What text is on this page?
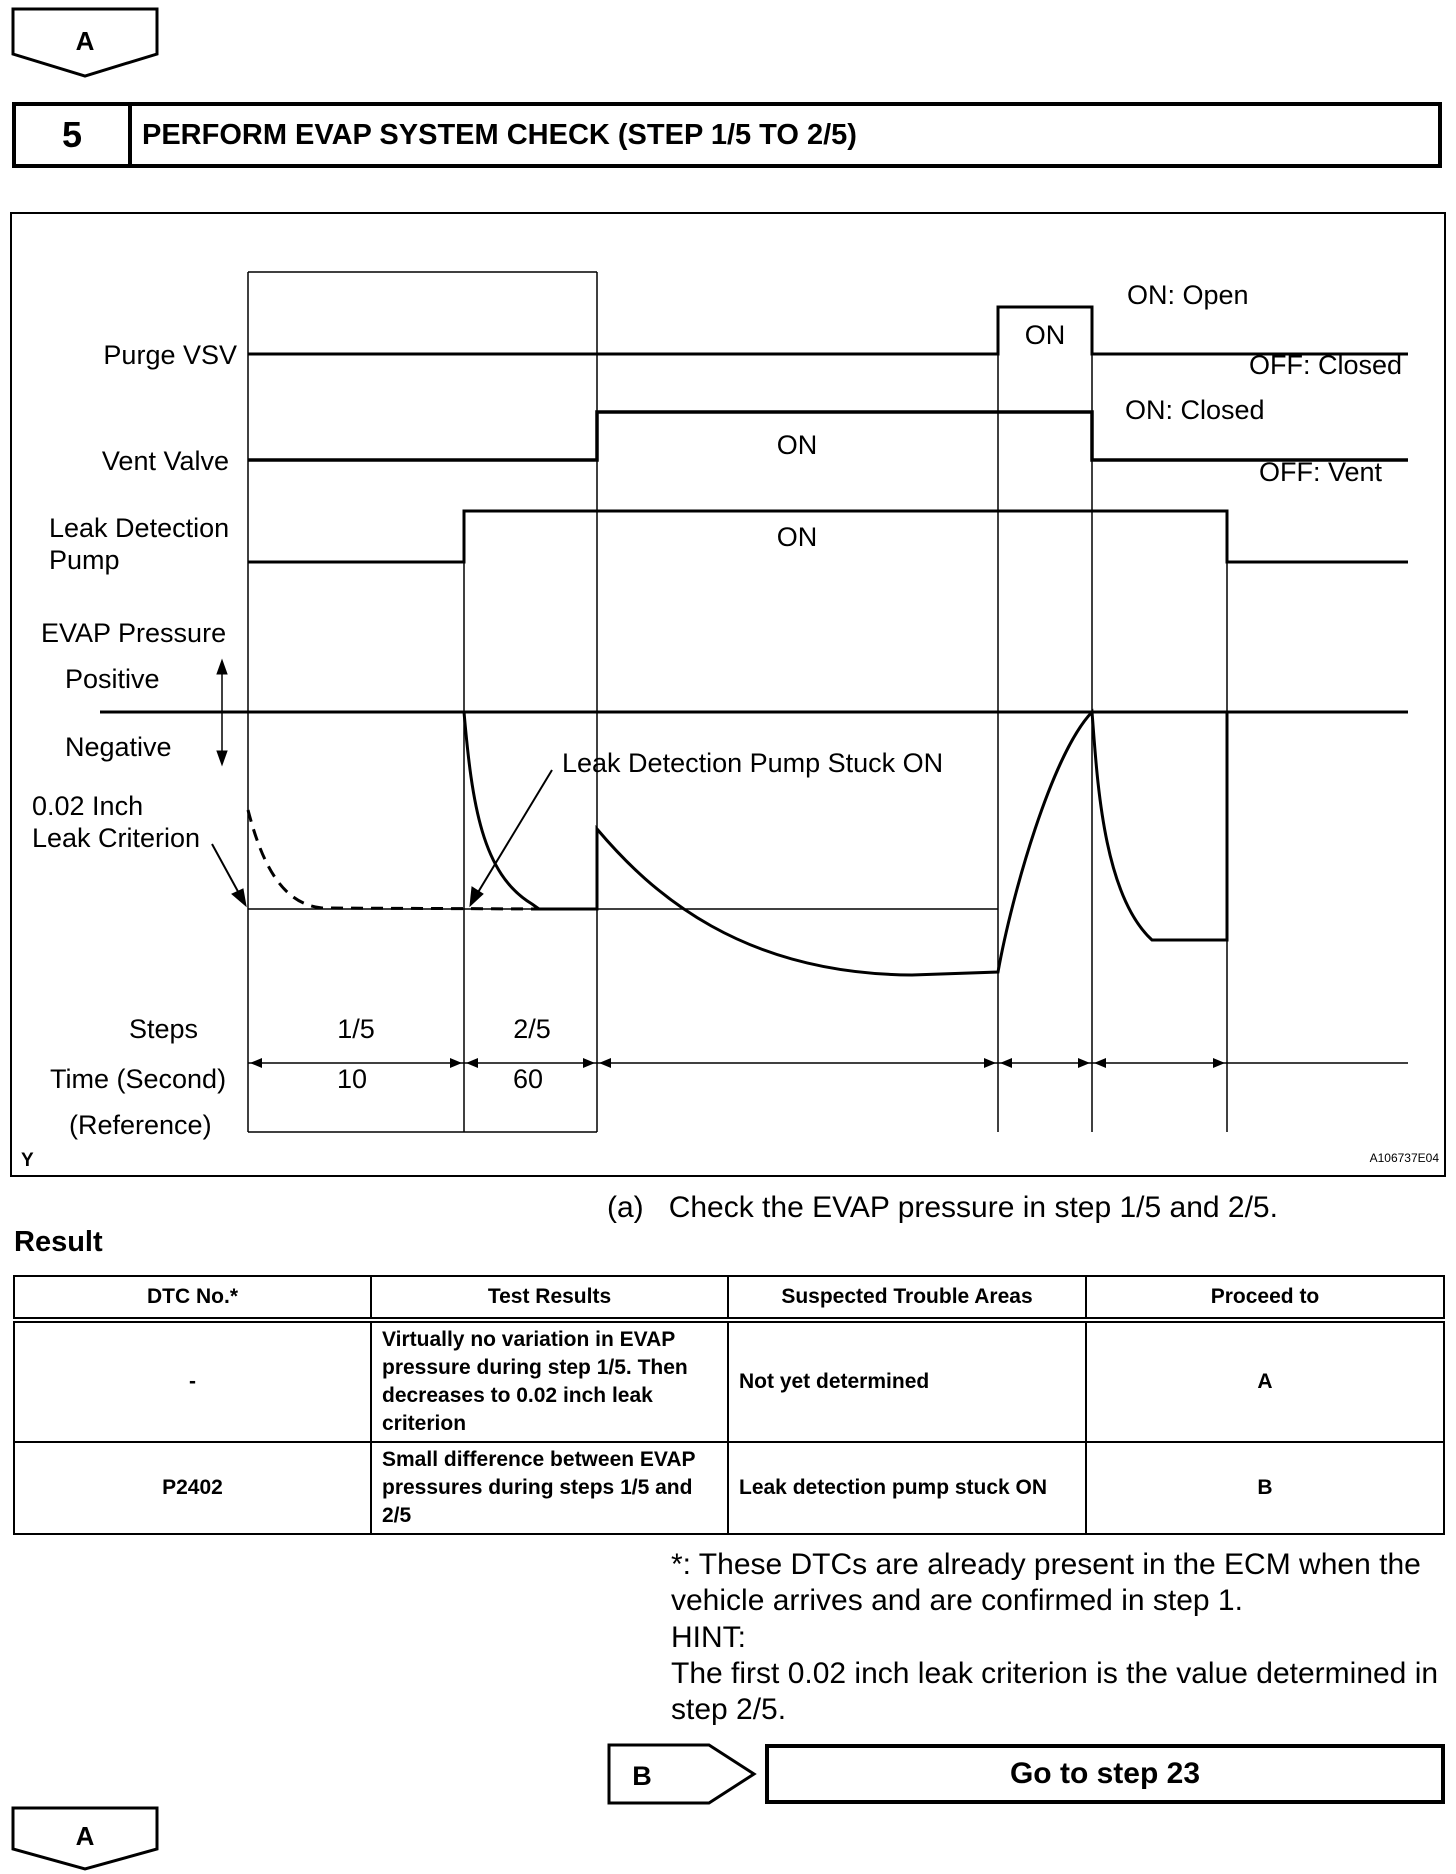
A
5	PERFORM EVAP SYSTEM CHECK (STEP 1/5 TO 2/5)
Purge VSV
Vent Valve
Leak Detection
Pump
EVAP Pressure
Positive
Negative
0.02 Inch
Leak Criterion
Steps
Time (Second)
(Reference)
Y	A106737E04
ON: Open
ON
OFF: Closed
ON: Closed
ON
OFF: Vent
ON
Leak Detection Pump Stuck ON
1/5	2/5
10	60
(a) Check the EVAP pressure in step 1/5 and 2/5.
Result
DTC No.*	Test Results	Suspected Trouble Areas	Proceed to
-	Virtually no variation in EVAP pressure during step 1/5. Then decreases to 0.02 inch leak criterion	Not yet determined	A
P2402	Small difference between EVAP pressures during steps 1/5 and 2/5	Leak detection pump stuck ON	B
*: These DTCs are already present in the ECM when the vehicle arrives and are confirmed in step 1.
HINT:
The first 0.02 inch leak criterion is the value determined in step 2/5.
B	Go to step 23
A
